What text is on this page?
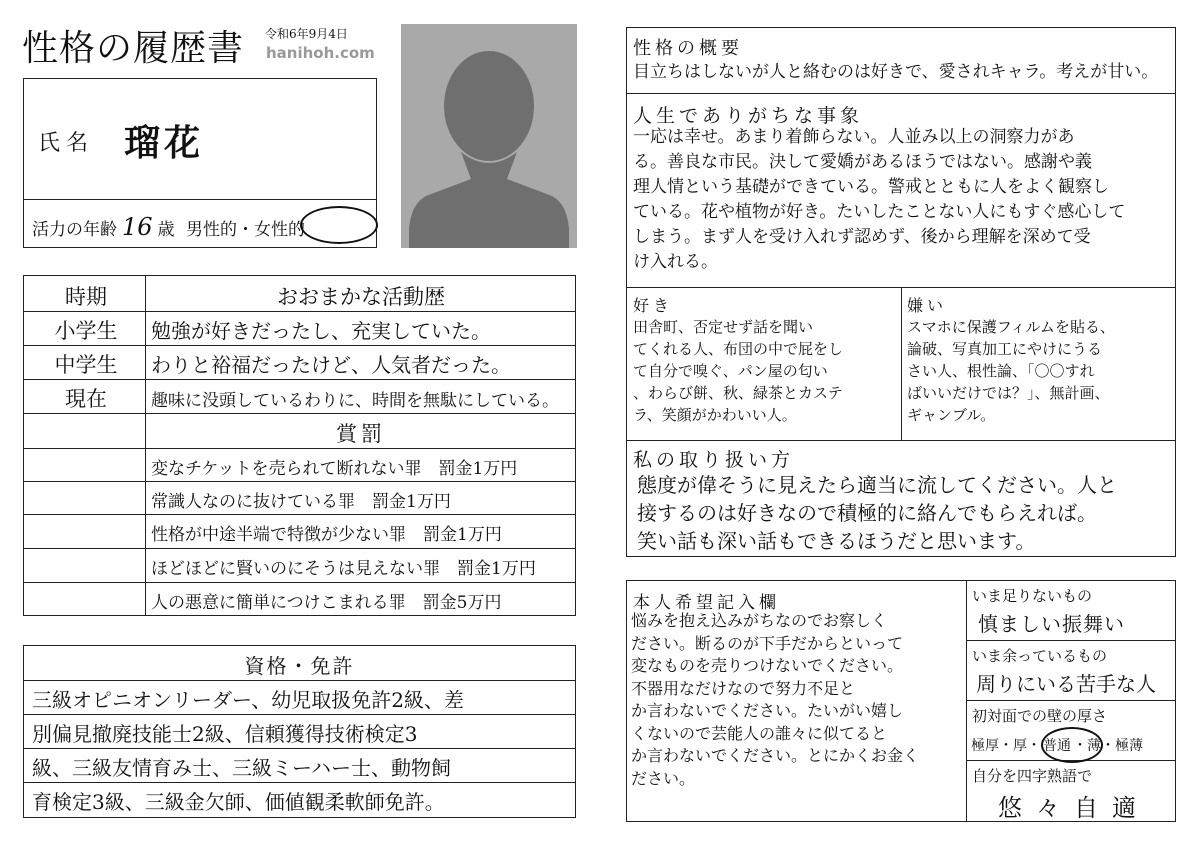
性格の履歴書 令和6年9月4日
hanihoh.com
氏名 瑠花
活力の年齢 16 歳 男性的・女性的
時期	おおまかな活動歴
小学生	勉強が好きだったし、充実していた。
中学生	わりと裕福だったけど、人気者だった。
現在	趣味に没頭しているわりに、時間を無駄にしている。
賞罰
変なチケットを売られて断れない罪　罰金1万円
常識人なのに抜けている罪　罰金1万円
性格が中途半端で特徴が少ない罪　罰金1万円
ほどほどに賢いのにそうは見えない罪　罰金1万円
人の悪意に簡単につけこまれる罪　罰金5万円
資格・免許
三級オピニオンリーダー、幼児取扱免許2級、差
別偏見撤廃技能士2級、信頼獲得技術検定3
級、三級友情育み士、三級ミーハー士、動物飼
育検定3級、三級金欠師、価値観柔軟師免許。
性格の概要
目立ちはしないが人と絡むのは好きで、愛されキャラ。考えが甘い。
人生でありがちな事象
一応は幸せ。あまり着飾らない。人並み以上の洞察力があ
る。善良な市民。決して愛嬌があるほうではない。感謝や義
理人情という基礎ができている。警戒とともに人をよく観察し
ている。花や植物が好き。たいしたことない人にもすぐ感心して
しまう。まず人を受け入れず認めず、後から理解を深めて受
け入れる。
好き
田舎町、否定せず話を聞い
てくれる人、布団の中で屁をし
て自分で嗅ぐ、パン屋の匂い
、わらび餅、秋、緑茶とカステ
ラ、笑顔がかわいい人。
嫌い
スマホに保護フィルムを貼る、
論破、写真加工にやけにうる
さい人、根性論、「〇〇すれ
ばいいだけでは？」、無計画、
ギャンブル。
私の取り扱い方
態度が偉そうに見えたら適当に流してください。人と
接するのは好きなので積極的に絡んでもらえれば。
笑い話も深い話もできるほうだと思います。
本人希望記入欄
悩みを抱え込みがちなのでお察しく
ださい。断るのが下手だからといって
変なものを売りつけないでください。
不器用なだけなので努力不足と
か言わないでください。たいがい嬉し
くないので芸能人の誰々に似てると
か言わないでください。とにかくお金く
ださい。
いま足りないもの
慎ましい振舞い
いま余っているもの
周りにいる苦手な人
初対面での壁の厚さ
極厚・厚・ 普通 ・薄・極薄
自分を四字熟語で
悠々自適
